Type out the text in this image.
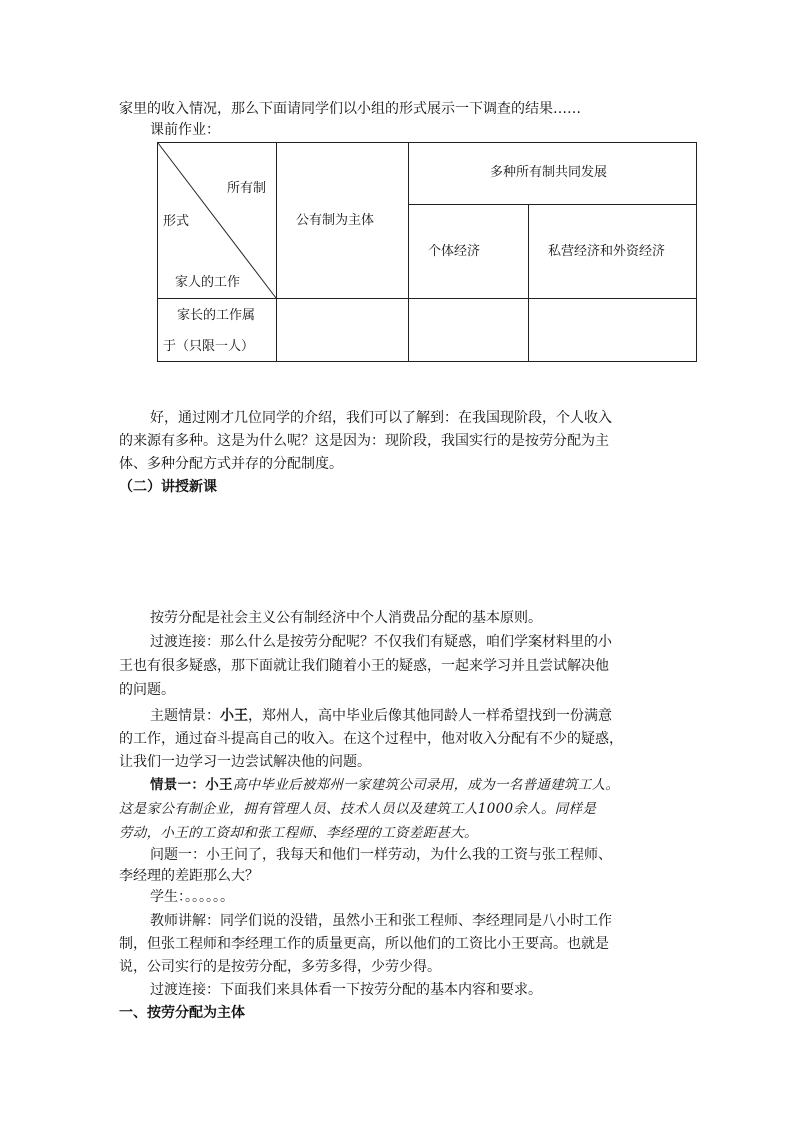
家里的收入情况，那么下面请同学们以小组的形式展示一下调查的结果……
课前作业：
所有制
形式
家人的工作
公有制为主体
多种所有制共同发展
个体经济	私营经济和外资经济
家长的工作属
于（只限一人）
好，通过刚才几位同学的介绍，我们可以了解到：在我国现阶段，个人收入
的来源有多种。这是为什么呢？这是因为：现阶段，我国实行的是按劳分配为主
体、多种分配方式并存的分配制度。
（二）讲授新课
按劳分配是社会主义公有制经济中个人消费品分配的基本原则。
过渡连接：那么什么是按劳分配呢？不仅我们有疑惑，咱们学案材料里的小
王也有很多疑惑，那下面就让我们随着小王的疑惑，一起来学习并且尝试解决他
的问题。
主题情景：小王，郑州人，高中毕业后像其他同龄人一样希望找到一份满意
的工作，通过奋斗提高自己的收入。在这个过程中，他对收入分配有不少的疑惑，
让我们一边学习一边尝试解决他的问题。
情景一：小王高中毕业后被郑州一家建筑公司录用，成为一名普通建筑工人。
这是家公有制企业，拥有管理人员、技术人员以及建筑工人1000余人。同样是
劳动，小王的工资却和张工程师、李经理的工资差距甚大。
问题一：小王问了，我每天和他们一样劳动，为什么我的工资与张工程师、
李经理的差距那么大？
学生：。。。。。。
教师讲解：同学们说的没错，虽然小王和张工程师、李经理同是八小时工作
制，但张工程师和李经理工作的质量更高，所以他们的工资比小王要高。也就是
说，公司实行的是按劳分配，多劳多得，少劳少得。
过渡连接：下面我们来具体看一下按劳分配的基本内容和要求。
一、按劳分配为主体
